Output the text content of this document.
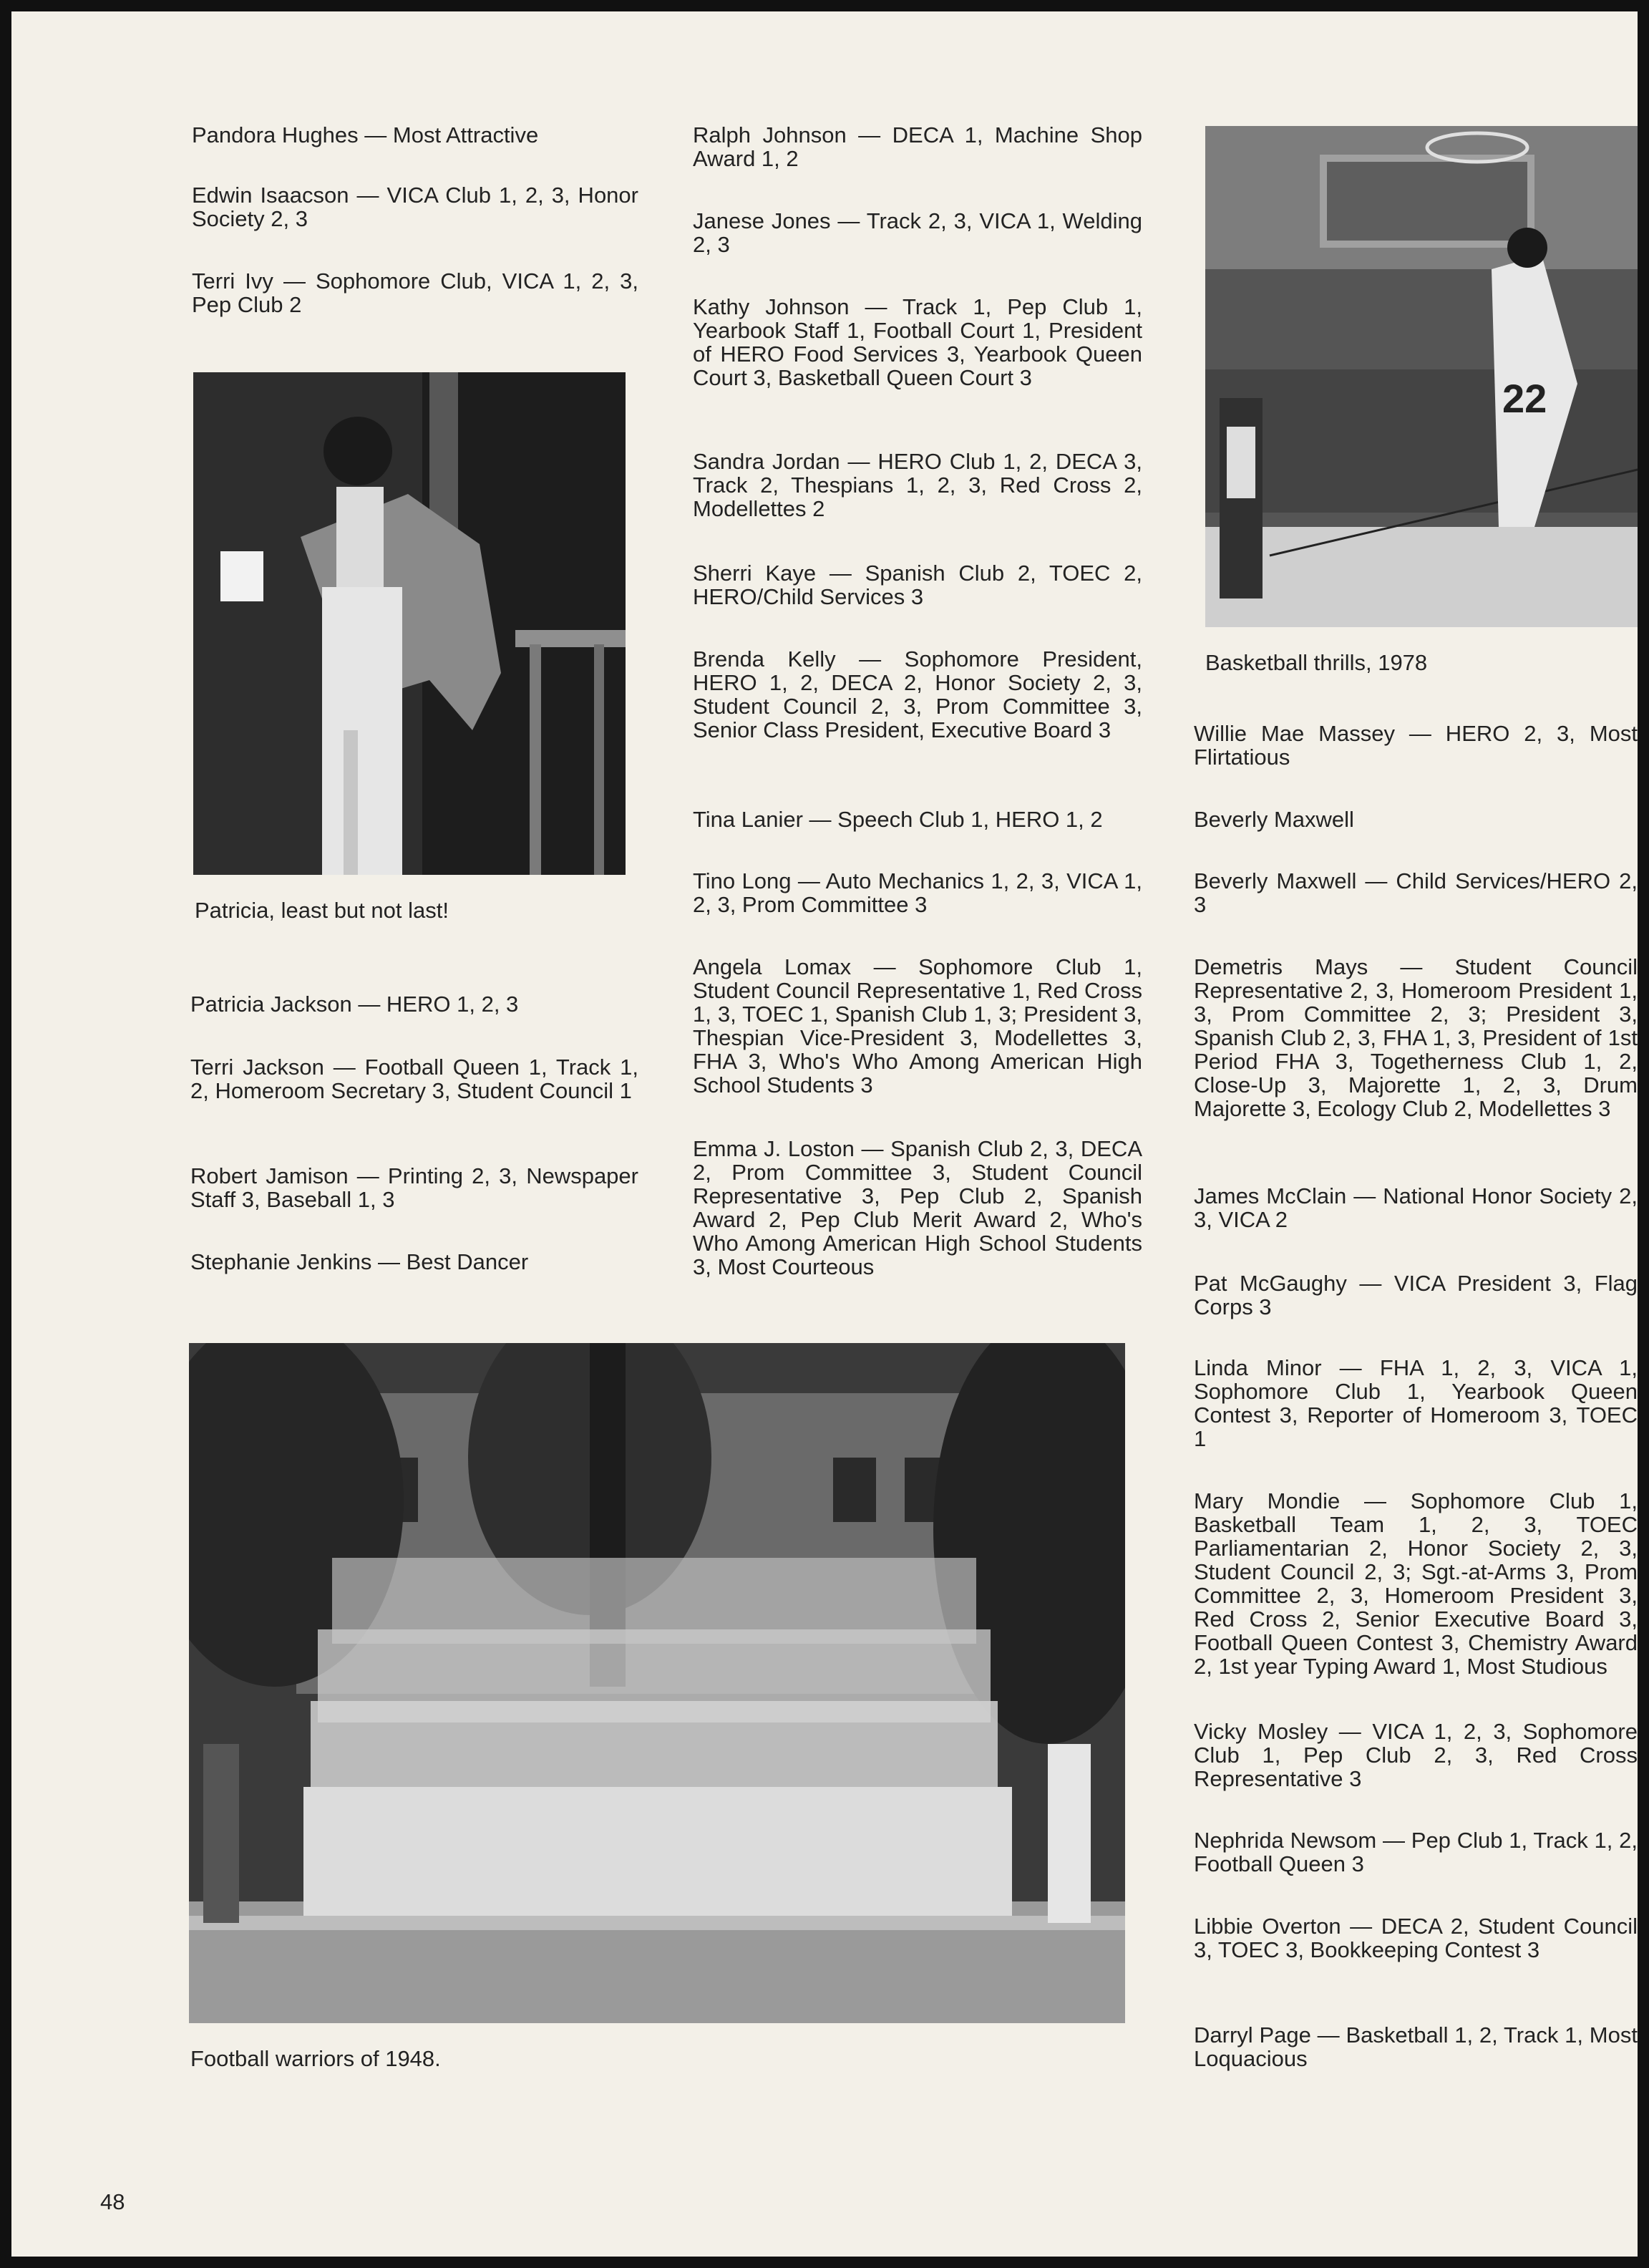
Pandora Hughes — Most Attractive

Edwin Isaacson — VICA Club 1, 2, 3, Honor Society 2, 3

Terri Ivy — Sophomore Club, VICA 1, 2, 3, Pep Club 2

Patricia, least but not last!

Patricia Jackson — HERO 1, 2, 3

Terri Jackson — Football Queen 1, Track 1, 2, Homeroom Secretary 3, Student Council 1

Robert Jamison — Printing 2, 3, Newspaper Staff 3, Baseball 1, 3

Stephanie Jenkins — Best Dancer

Ralph Johnson — DECA 1, Machine Shop Award 1, 2

Janese Jones — Track 2, 3, VICA 1, Welding 2, 3

Kathy Johnson — Track 1, Pep Club 1, Yearbook Staff 1, Football Court 1, President of HERO Food Services 3, Yearbook Queen Court 3, Basketball Queen Court 3

Sandra Jordan — HERO Club 1, 2, DECA 3, Track 2, Thespians 1, 2, 3, Red Cross 2, Modellettes 2

Sherri Kaye — Spanish Club 2, TOEC 2, HERO/Child Services 3

Brenda Kelly — Sophomore President, HERO 1, 2, DECA 2, Honor Society 2, 3, Student Council 2, 3, Prom Committee 3, Senior Class President, Executive Board 3

Tina Lanier — Speech Club 1, HERO 1, 2

Tino Long — Auto Mechanics 1, 2, 3, VICA 1, 2, 3, Prom Committee 3

Angela Lomax — Sophomore Club 1, Student Council Representative 1, Red Cross 1, 3, TOEC 1, Spanish Club 1, 3; President 3, Thespian Vice-President 3, Modellettes 3, FHA 3, Who's Who Among American High School Students 3

Emma J. Loston — Spanish Club 2, 3, DECA 2, Prom Committee 3, Student Council Representative 3, Pep Club 2, Spanish Award 2, Pep Club Merit Award 2, Who's Who Among American High School Students 3, Most Courteous

22
Basketball thrills, 1978

Willie Mae Massey — HERO 2, 3, Most Flirtatious

Beverly Maxwell

Beverly Maxwell — Child Services/HERO 2, 3

Demetris Mays — Student Council Representative 2, 3, Homeroom President 1, 3, Prom Committee 2, 3; President 3, Spanish Club 2, 3, FHA 1, 3, President of 1st Period FHA 3, Togetherness Club 1, 2, Close-Up 3, Majorette 1, 2, 3, Drum Majorette 3, Ecology Club 2, Modellettes 3

James McClain — National Honor Society 2, 3, VICA 2

Pat McGaughy — VICA President 3, Flag Corps 3

Linda Minor — FHA 1, 2, 3, VICA 1, Sophomore Club 1, Yearbook Queen Contest 3, Reporter of Homeroom 3, TOEC 1

Mary Mondie — Sophomore Club 1, Basketball Team 1, 2, 3, TOEC Parliamentarian 2, Honor Society 2, 3, Student Council 2, 3; Sgt.-at-Arms 3, Prom Committee 2, 3, Homeroom President 3, Red Cross 2, Senior Executive Board 3, Football Queen Contest 3, Chemistry Award 2, 1st year Typing Award 1, Most Studious

Vicky Mosley — VICA 1, 2, 3, Sophomore Club 1, Pep Club 2, 3, Red Cross Representative 3

Nephrida Newsom — Pep Club 1, Track 1, 2, Football Queen 3

Libbie Overton — DECA 2, Student Council 3, TOEC 3, Bookkeeping Contest 3

Darryl Page — Basketball 1, 2, Track 1, Most Loquacious

Football warriors of 1948.
48
